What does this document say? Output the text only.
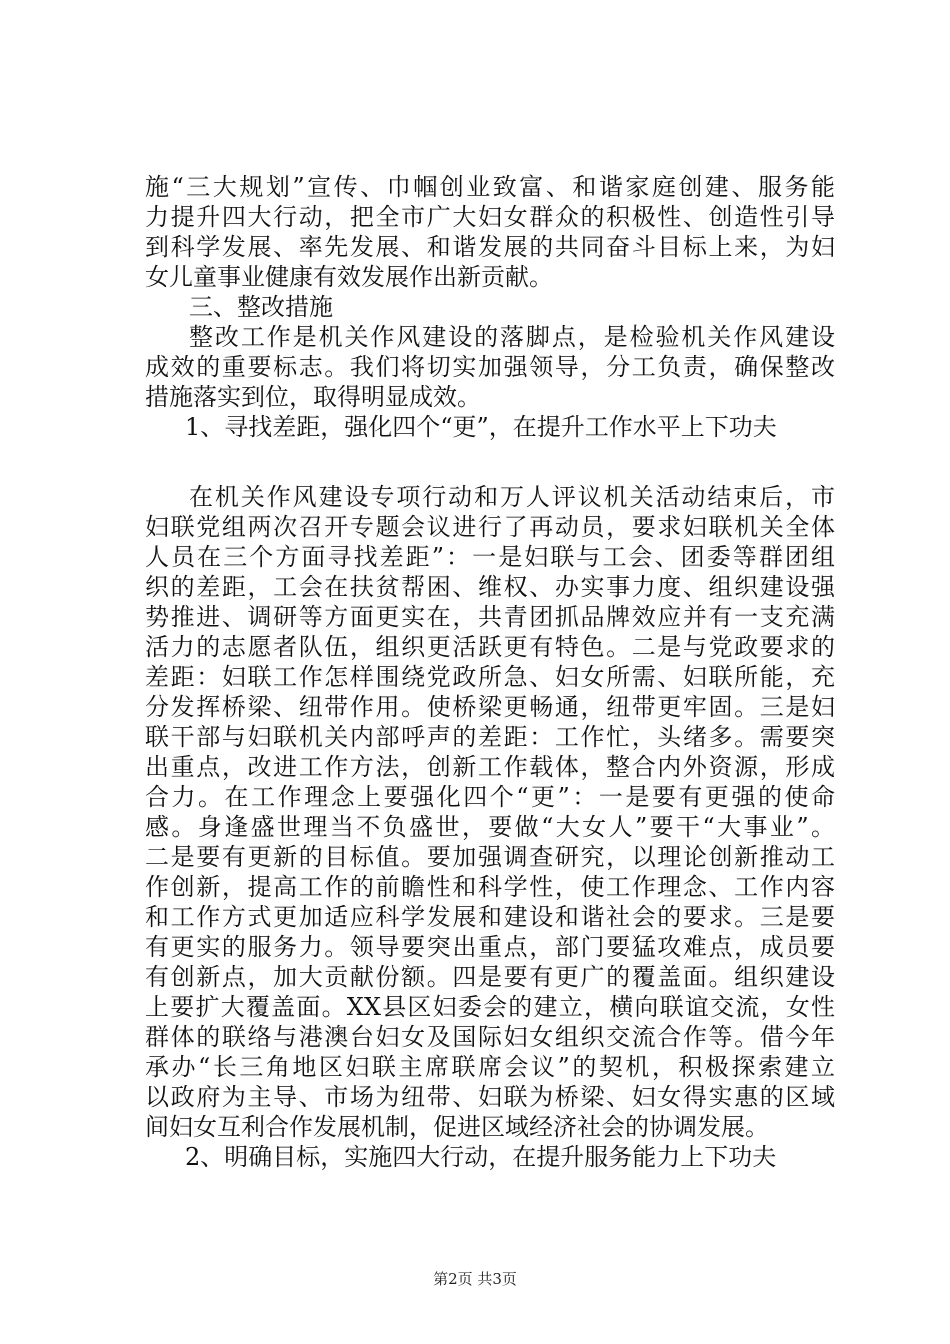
施“三大规划”宣传、巾帼创业致富、和谐家庭创建、服务能
力提升四大行动，把全市广大妇女群众的积极性、创造性引导
到科学发展、率先发展、和谐发展的共同奋斗目标上来，为妇
女儿童事业健康有效发展作出新贡献。
三、整改措施
整改工作是机关作风建设的落脚点，是检验机关作风建设
成效的重要标志。我们将切实加强领导，分工负责，确保整改
措施落实到位，取得明显成效。
1、寻找差距，强化四个“更”，在提升工作水平上下功夫
在机关作风建设专项行动和万人评议机关活动结束后，市
妇联党组两次召开专题会议进行了再动员，要求妇联机关全体
人员在三个方面寻找差距”：一是妇联与工会、团委等群团组
织的差距，工会在扶贫帮困、维权、办实事力度、组织建设强
势推进、调研等方面更实在，共青团抓品牌效应并有一支充满
活力的志愿者队伍，组织更活跃更有特色。二是与党政要求的
差距：妇联工作怎样围绕党政所急、妇女所需、妇联所能，充
分发挥桥梁、纽带作用。使桥梁更畅通，纽带更牢固。三是妇
联干部与妇联机关内部呼声的差距：工作忙，头绪多。需要突
出重点，改进工作方法，创新工作载体，整合内外资源，形成
合力。在工作理念上要强化四个“更”：一是要有更强的使命
感。身逢盛世理当不负盛世，要做“大女人”要干“大事业”。
二是要有更新的目标值。要加强调查研究，以理论创新推动工
作创新，提高工作的前瞻性和科学性，使工作理念、工作内容
和工作方式更加适应科学发展和建设和谐社会的要求。三是要
有更实的服务力。领导要突出重点，部门要猛攻难点，成员要
有创新点，加大贡献份额。四是要有更广的覆盖面。组织建设
上要扩大覆盖面。XX县区妇委会的建立，横向联谊交流，女性
群体的联络与港澳台妇女及国际妇女组织交流合作等。借今年
承办“长三角地区妇联主席联席会议”的契机，积极探索建立
以政府为主导、市场为纽带、妇联为桥梁、妇女得实惠的区域
间妇女互利合作发展机制，促进区域经济社会的协调发展。
2、明确目标，实施四大行动，在提升服务能力上下功夫
第2页 共3页
